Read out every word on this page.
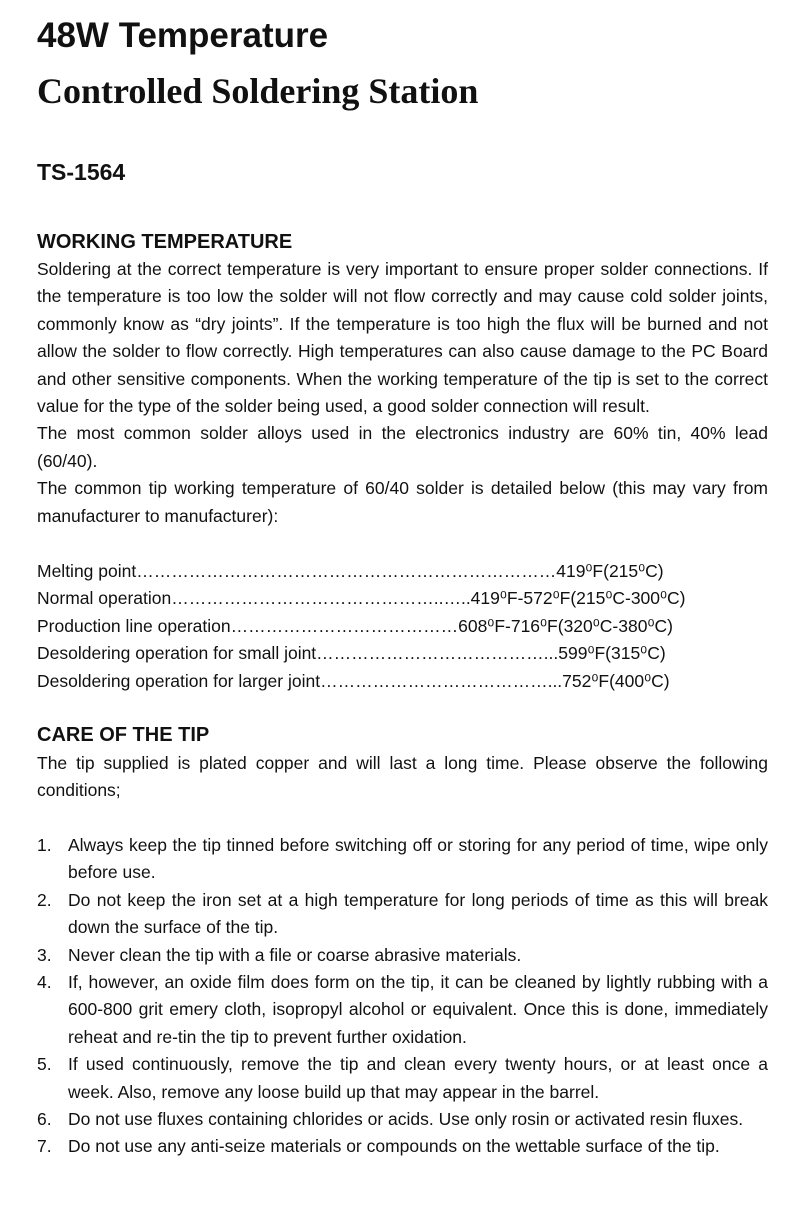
48W Temperature
Controlled Soldering Station
TS-1564
WORKING TEMPERATURE

Soldering at the correct temperature is very important to ensure proper solder connections. If the temperature is too low the solder will not flow correctly and may cause cold solder joints, commonly know as “dry joints”. If the temperature is too high the flux will be burned and not allow the solder to flow correctly. High temperatures can also cause damage to the PC Board and other sensitive components. When the working temperature of the tip is set to the correct value for the type of the solder being used, a good solder connection will result.

The most common solder alloys used in the electronics industry are 60% tin, 40% lead (60/40).

The common tip working temperature of 60/40 solder is detailed below (this may vary from manufacturer to manufacturer):

Melting point………………………………………………………………419⁰F(215⁰C)
Normal operation………………………………………..…..419⁰F-572⁰F(215⁰C-300⁰C)
Production line operation…………………………………608⁰F-716⁰F(320⁰C-380⁰C)
Desoldering operation for small joint…………………………………...599⁰F(315⁰C)
Desoldering operation for larger joint…………………………………...752⁰F(400⁰C)
CARE OF THE TIP

The tip supplied is plated copper and will last a long time. Please observe the following conditions;

1. Always keep the tip tinned before switching off or storing for any period of time, wipe only before use.
2. Do not keep the iron set at a high temperature for long periods of time as this will break down the surface of the tip.
3. Never clean the tip with a file or coarse abrasive materials.
4. If, however, an oxide film does form on the tip, it can be cleaned by lightly rubbing with a 600-800 grit emery cloth, isopropyl alcohol or equivalent. Once this is done, immediately reheat and re-tin the tip to prevent further oxidation.
5. If used continuously, remove the tip and clean every twenty hours, or at least once a week. Also, remove any loose build up that may appear in the barrel.
6. Do not use fluxes containing chlorides or acids. Use only rosin or activated resin fluxes.
7. Do not use any anti-seize materials or compounds on the wettable surface of the tip.
